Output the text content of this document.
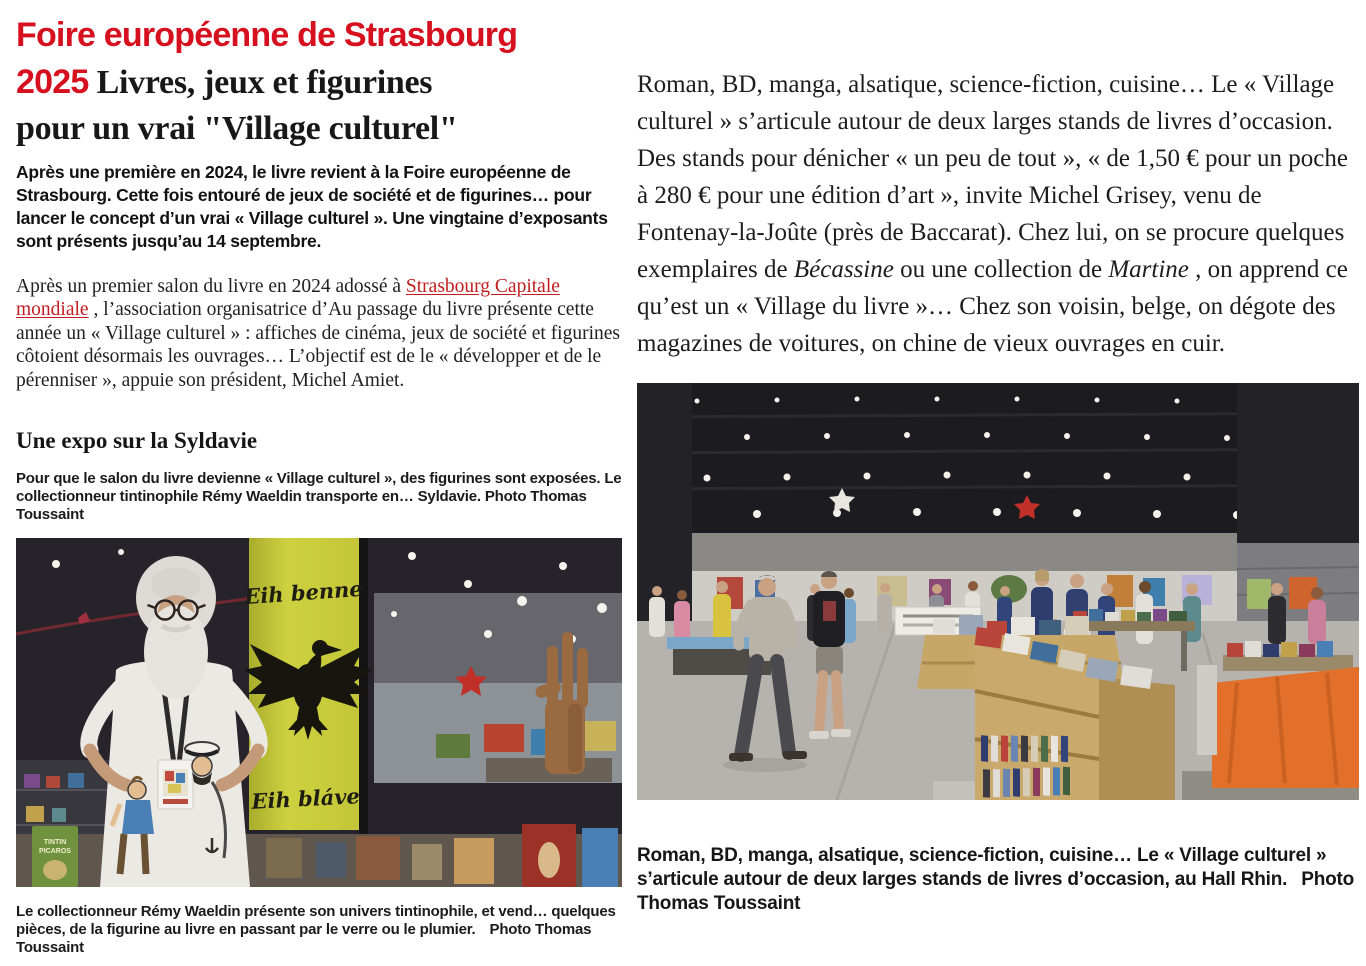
Foire européenne de Strasbourg
2025 Livres, jeux et figurines
pour un vrai "Village culturel"

Après une première en 2024, le livre revient à la Foire européenne de Strasbourg. Cette fois entouré de jeux de société et de figurines… pour lancer le concept d’un vrai « Village culturel ». Une vingtaine d’exposants sont présents jusqu’au 14 septembre.

Après un premier salon du livre en 2024 adossé à Strasbourg Capitale mondiale , l’association organisatrice d’Au passage du livre présente cette année un « Village culturel » : affiches de cinéma, jeux de société et figurines côtoient désormais les ouvrages… L’objectif est de le « développer et de le pérenniser », appuie son président, Michel Amiet.

Une expo sur la Syldavie

Pour que le salon du livre devienne « Village culturel », des figurines sont exposées. Le collectionneur tintinophile Rémy Waeldin transporte en… Syldavie. Photo Thomas Toussaint

Eih benne
Eih bláve
TINTIN
PICAROS

Le collectionneur Rémy Waeldin présente son univers tintinophile, et vend… quelques pièces, de la figurine au livre en passant par le verre ou le plumier. Photo Thomas Toussaint

Roman, BD, manga, alsatique, science-fiction, cuisine… Le « Village culturel » s’articule autour de deux larges stands de livres d’occasion. Des stands pour dénicher « un peu de tout », « de 1,50 € pour un poche à 280 € pour une édition d’art », invite Michel Grisey, venu de Fontenay-la-Joûte (près de Baccarat). Chez lui, on se procure quelques exemplaires de Bécassine ou une collection de Martine , on apprend ce qu’est un « Village du livre »… Chez son voisin, belge, on dégote des magazines de voitures, on chine de vieux ouvrages en cuir.

Roman, BD, manga, alsatique, science-fiction, cuisine… Le « Village culturel » s’articule autour de deux larges stands de livres d’occasion, au Hall Rhin. Photo Thomas Toussaint
